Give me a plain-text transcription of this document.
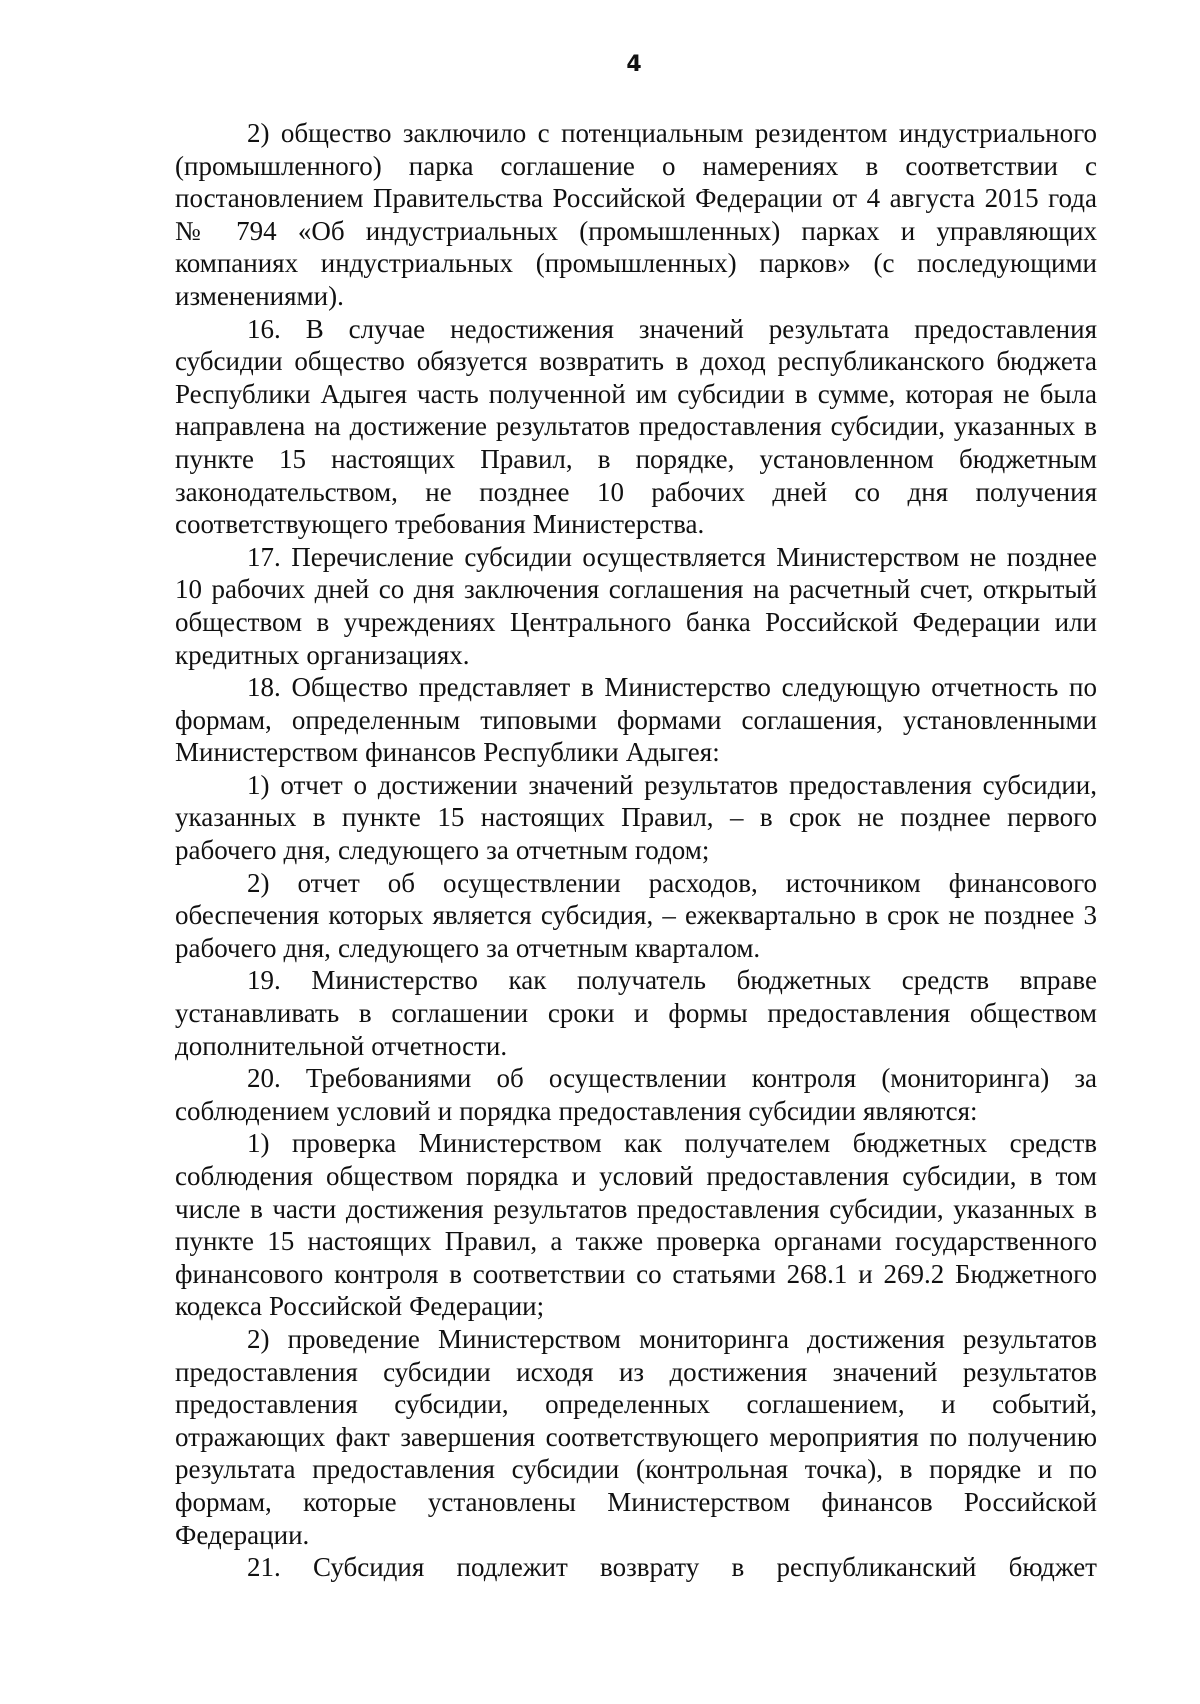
4

2) общество заключило с потенциальным резидентом индустриального (промышленного) парка соглашение о намерениях в соответствии с постановлением Правительства Российской Федерации от 4 августа 2015 года № 794 «Об индустриальных (промышленных) парках и управляющих компаниях индустриальных (промышленных) парков» (с последующими изменениями).

16. В случае недостижения значений результата предоставления субсидии общество обязуется возвратить в доход республиканского бюджета Республики Адыгея часть полученной им субсидии в сумме, которая не была направлена на достижение результатов предоставления субсидии, указанных в пункте 15 настоящих Правил, в порядке, установленном бюджетным законодательством, не позднее 10 рабочих дней со дня получения соответствующего требования Министерства.

17. Перечисление субсидии осуществляется Министерством не позднее 10 рабочих дней со дня заключения соглашения на расчетный счет, открытый обществом в учреждениях Центрального банка Российской Федерации или кредитных организациях.

18. Общество представляет в Министерство следующую отчетность по формам, определенным типовыми формами соглашения, установленными Министерством финансов Республики Адыгея:

1) отчет о достижении значений результатов предоставления субсидии, указанных в пункте 15 настоящих Правил, – в срок не позднее первого рабочего дня, следующего за отчетным годом;

2) отчет об осуществлении расходов, источником финансового обеспечения которых является субсидия, – ежеквартально в срок не позднее 3 рабочего дня, следующего за отчетным кварталом.

19. Министерство как получатель бюджетных средств вправе устанавливать в соглашении сроки и формы предоставления обществом дополнительной отчетности.

20. Требованиями об осуществлении контроля (мониторинга) за соблюдением условий и порядка предоставления субсидии являются:

1) проверка Министерством как получателем бюджетных средств соблюдения обществом порядка и условий предоставления субсидии, в том числе в части достижения результатов предоставления субсидии, указанных в пункте 15 настоящих Правил, а также проверка органами государственного финансового контроля в соответствии со статьями 268.1 и 269.2 Бюджетного кодекса Российской Федерации;

2) проведение Министерством мониторинга достижения результатов предоставления субсидии исходя из достижения значений результатов предоставления субсидии, определенных соглашением, и событий, отражающих факт завершения соответствующего мероприятия по получению результата предоставления субсидии (контрольная точка), в порядке и по формам, которые установлены Министерством финансов Российской Федерации.

21. Субсидия подлежит возврату в республиканский бюджет
